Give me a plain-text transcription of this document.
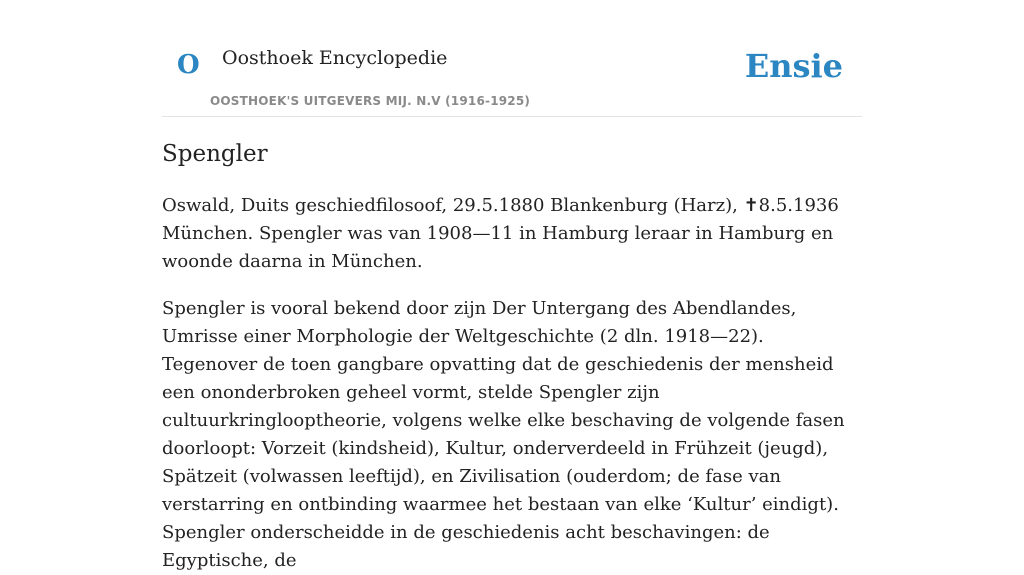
O Oosthoek Encyclopedie
OOSTHOEK'S UITGEVERS MIJ. N.V (1916-1925)
Ensie
Spengler

Oswald, Duits geschiedfilosoof, 29.5.1880 Blankenburg (Harz), ✝8.5.1936 München. Spengler was van 1908—11 in Hamburg leraar in Hamburg en woonde daarna in München.

Spengler is vooral bekend door zijn Der Untergang des Abendlandes, Umrisse einer Morphologie der Weltgeschichte (2 dln. 1918—22). Tegenover de toen gangbare opvatting dat de geschiedenis der mensheid een ononderbroken geheel vormt, stelde Spengler zijn cultuurkringlooptheorie, volgens welke elke beschaving de volgende fasen doorloopt: Vorzeit (kindsheid), Kultur, onderverdeeld in Frühzeit (jeugd), Spätzeit (volwassen leeftijd), en Zivilisation (ouderdom; de fase van verstarring en ontbinding waarmee het bestaan van elke ‘Kultur’ eindigt). Spengler onderscheidde in de geschiedenis acht beschavingen: de Egyptische, de
